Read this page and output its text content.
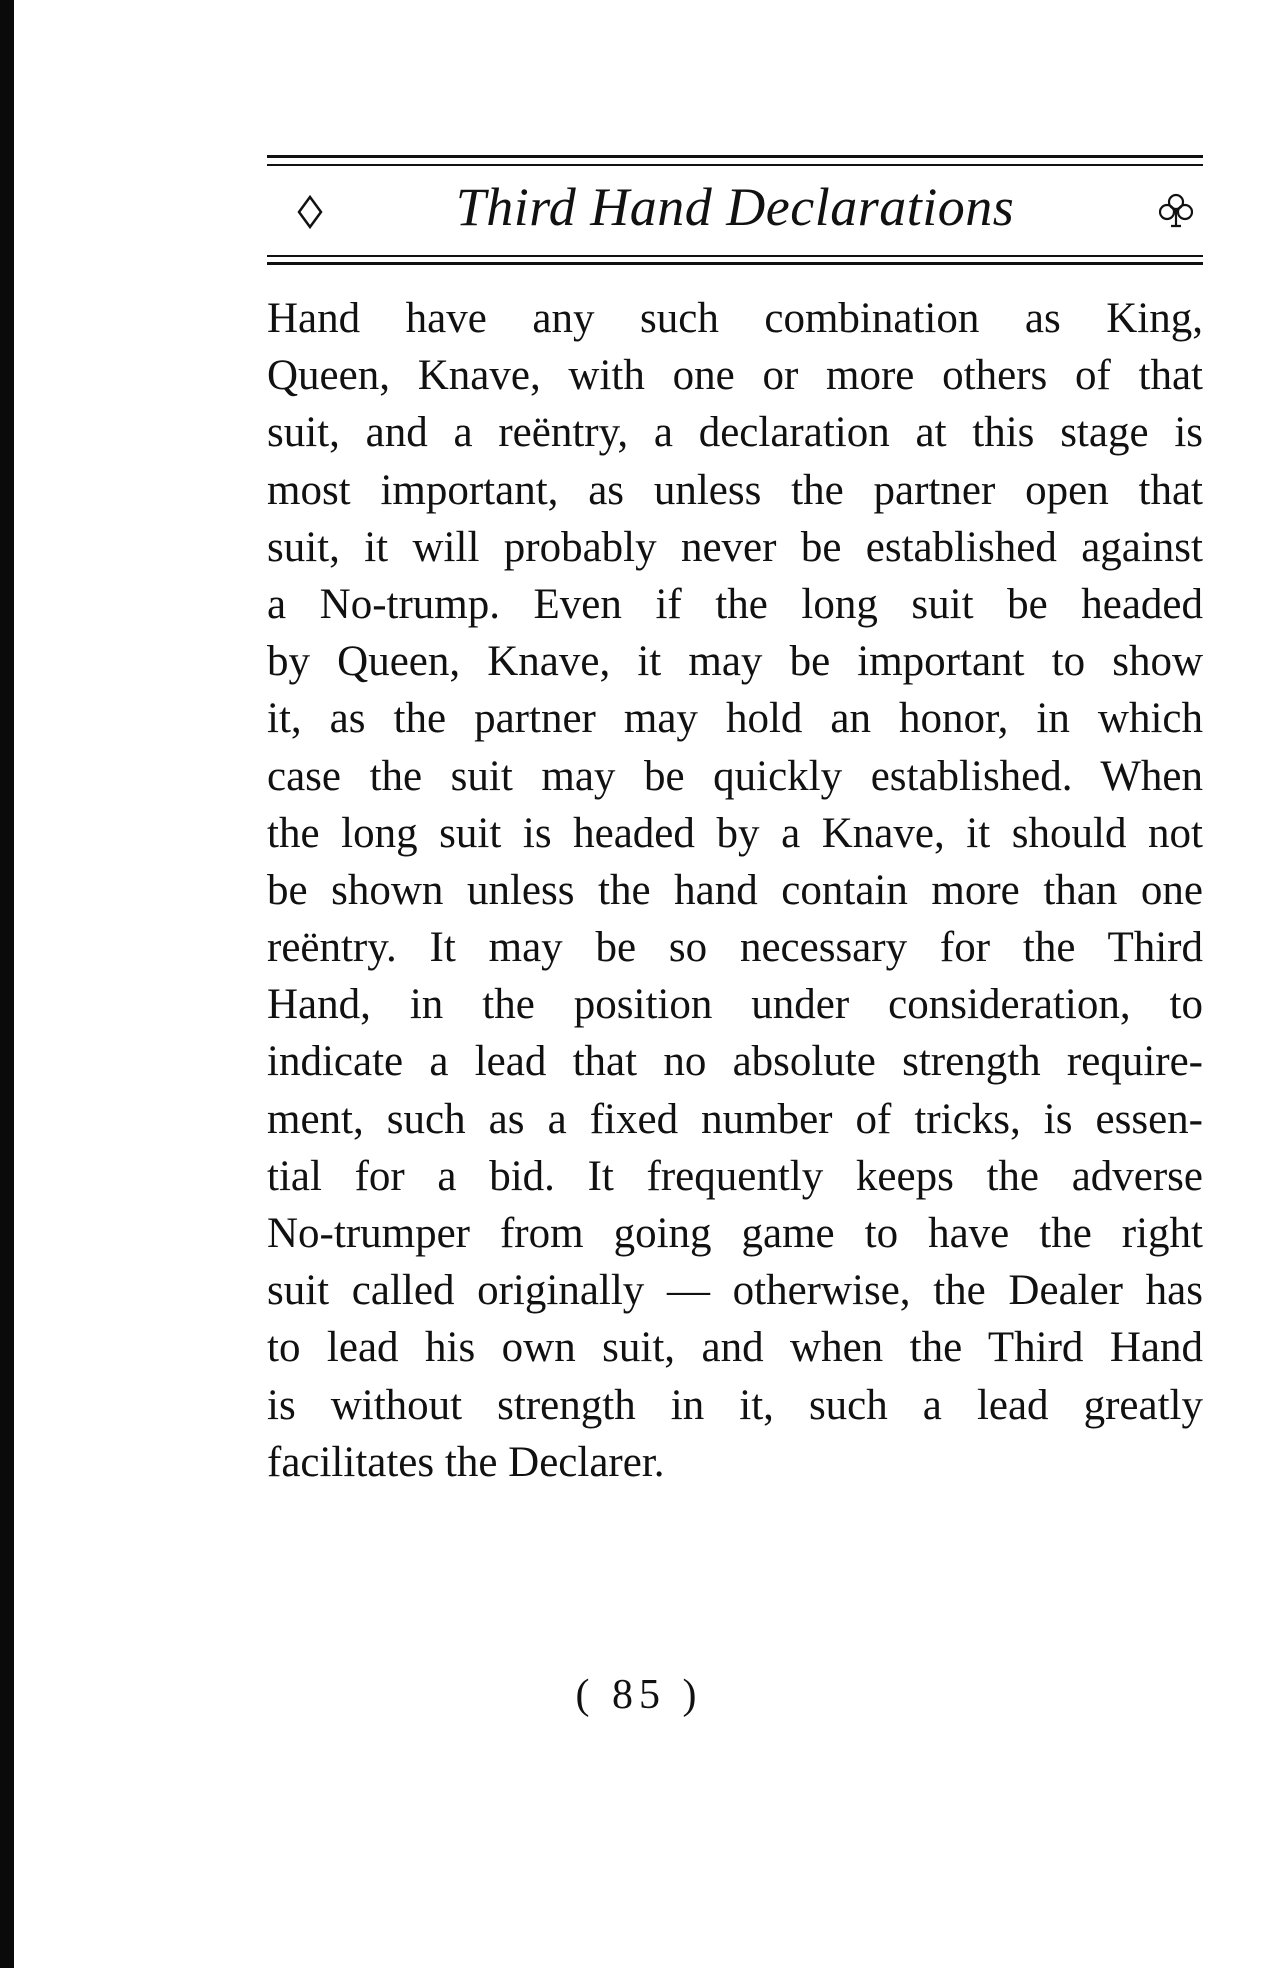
Third Hand Declarations
Hand have any such combination as King,
Queen, Knave, with one or more others of that
suit, and a reëntry, a declaration at this stage is
most important, as unless the partner open that
suit, it will probably never be established against
a No-trump. Even if the long suit be headed
by Queen, Knave, it may be important to show
it, as the partner may hold an honor, in which
case the suit may be quickly established. When
the long suit is headed by a Knave, it should not
be shown unless the hand contain more than one
reëntry. It may be so necessary for the Third
Hand, in the position under consideration, to
indicate a lead that no absolute strength require-
ment, such as a fixed number of tricks, is essen-
tial for a bid. It frequently keeps the adverse
No-trumper from going game to have the right
suit called originally — otherwise, the Dealer has
to lead his own suit, and when the Third Hand
is without strength in it, such a lead greatly
facilitates the Declarer.
( 85 )
